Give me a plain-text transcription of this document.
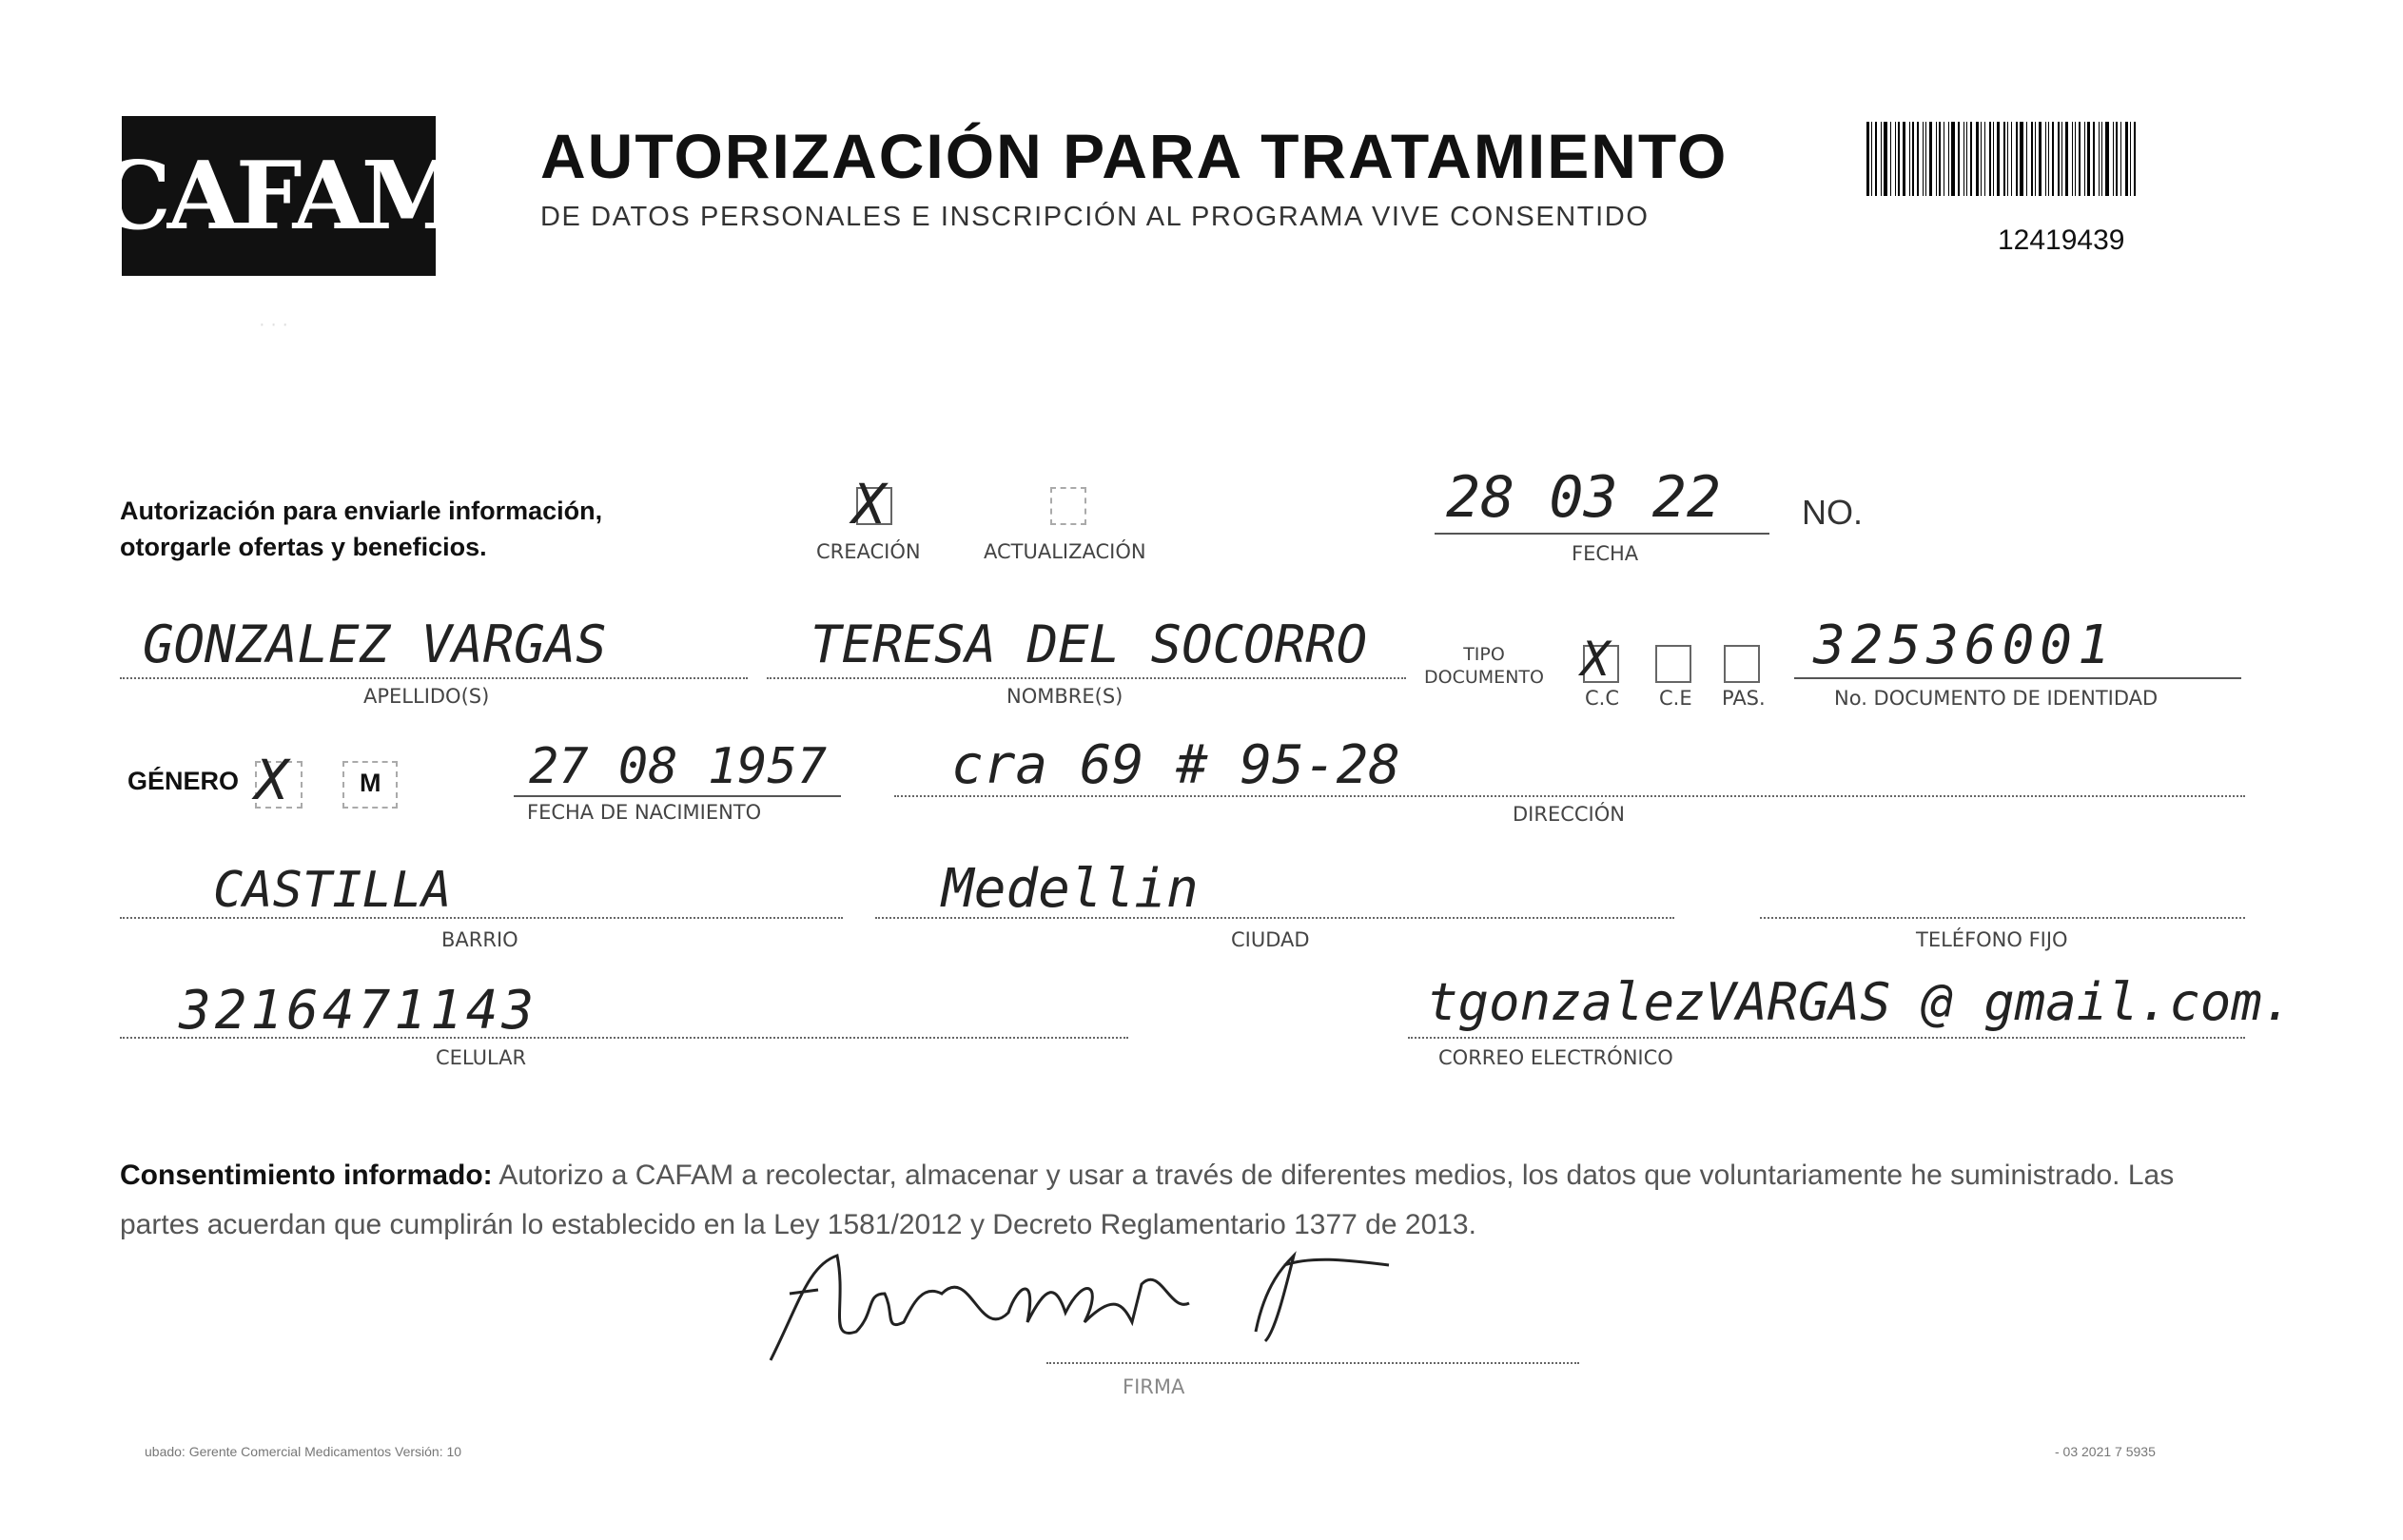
CAFAM AUTORIZACIÓN PARA TRATAMIENTO
DE DATOS PERSONALES E INSCRIPCIÓN AL PROGRAMA VIVE CONSENTIDO
12419439
· · ·
Autorización para enviarle información,
otorgarle ofertas y beneficios.
X
CREACIÓN	ACTUALIZACIÓN
28 03 22
FECHA
NO.
GONZALEZ VARGAS
APELLIDO(S)
TERESA DEL SOCORRO
NOMBRE(S)
TIPO DOCUMENTO X
C.C C.E PAS.
32536001
No. DOCUMENTO DE IDENTIDAD
GÉNERO X	M	27 08 1957
FECHA DE NACIMIENTO
cra 69 # 95-28
DIRECCIÓN
CASTILLA
BARRIO
Medellin
CIUDAD	TELÉFONO FIJO
3216471143
CELULAR
tgonzalezVARGAS @ gmail.com.
CORREO ELECTRÓNICO
Consentimiento informado: Autorizo a CAFAM a recolectar, almacenar y usar a través de diferentes medios, los datos que voluntariamente he suministrado. Las partes acuerdan que cumplirán lo establecido en la Ley 1581/2012 y Decreto Reglamentario 1377 de 2013.
FIRMA
ubado: Gerente Comercial Medicamentos Versión: 10	- 03 2021 7 5935
